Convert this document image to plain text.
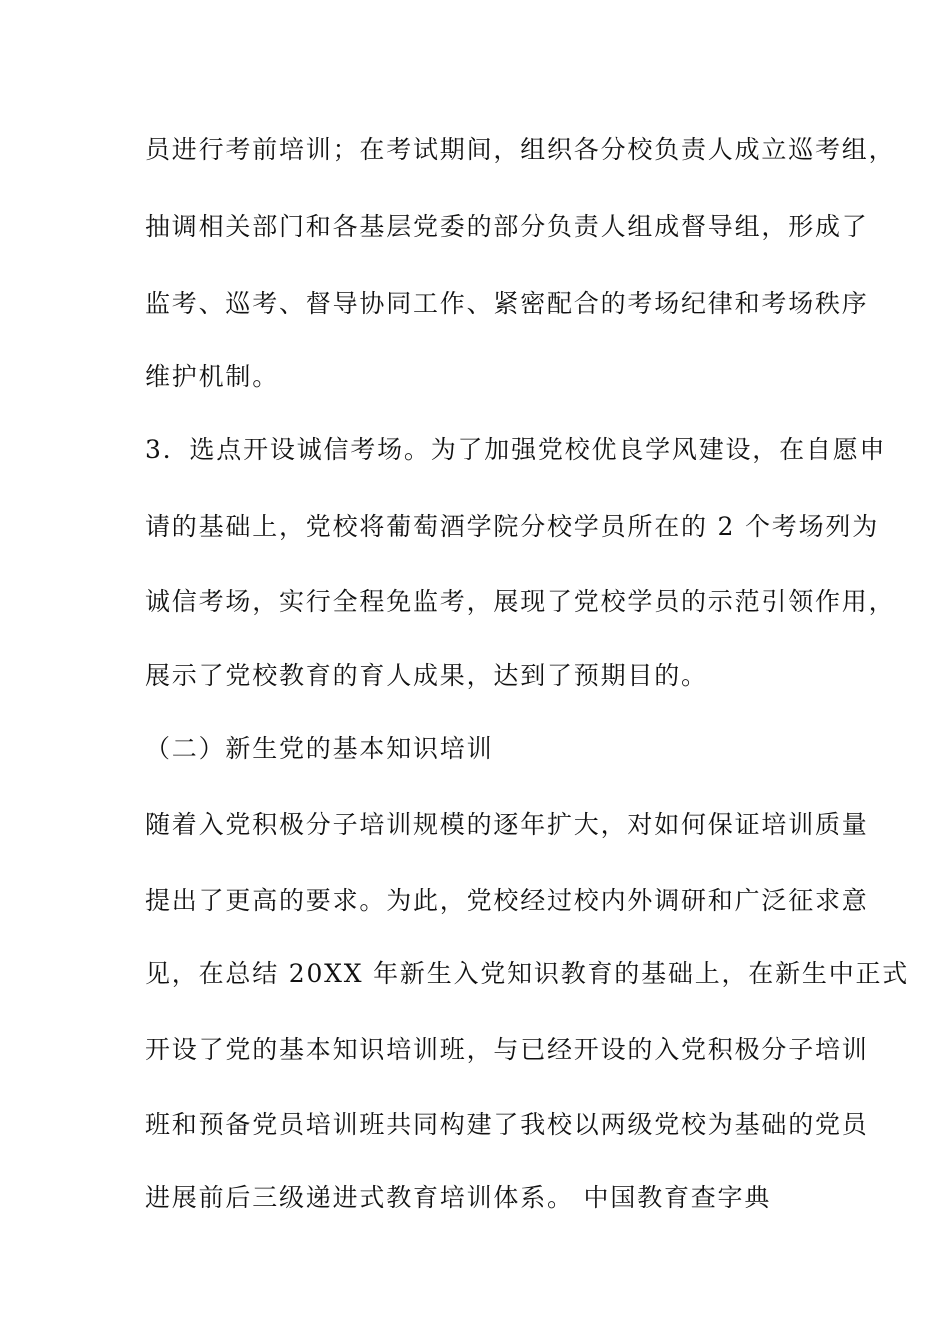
员进行考前培训；在考试期间，组织各分校负责人成立巡考组，

抽调相关部门和各基层党委的部分负责人组成督导组，形成了

监考、巡考、督导协同工作、紧密配合的考场纪律和考场秩序

维护机制。

3．选点开设诚信考场。为了加强党校优良学风建设，在自愿申

请的基础上，党校将葡萄酒学院分校学员所在的 2 个考场列为

诚信考场，实行全程免监考，展现了党校学员的示范引领作用，

展示了党校教育的育人成果，达到了预期目的。

（二）新生党的基本知识培训

随着入党积极分子培训规模的逐年扩大，对如何保证培训质量

提出了更高的要求。为此，党校经过校内外调研和广泛征求意

见，在总结 20XX 年新生入党知识教育的基础上，在新生中正式

开设了党的基本知识培训班，与已经开设的入党积极分子培训

班和预备党员培训班共同构建了我校以两级党校为基础的党员

进展前后三级递进式教育培训体系。 中国教育查字典
